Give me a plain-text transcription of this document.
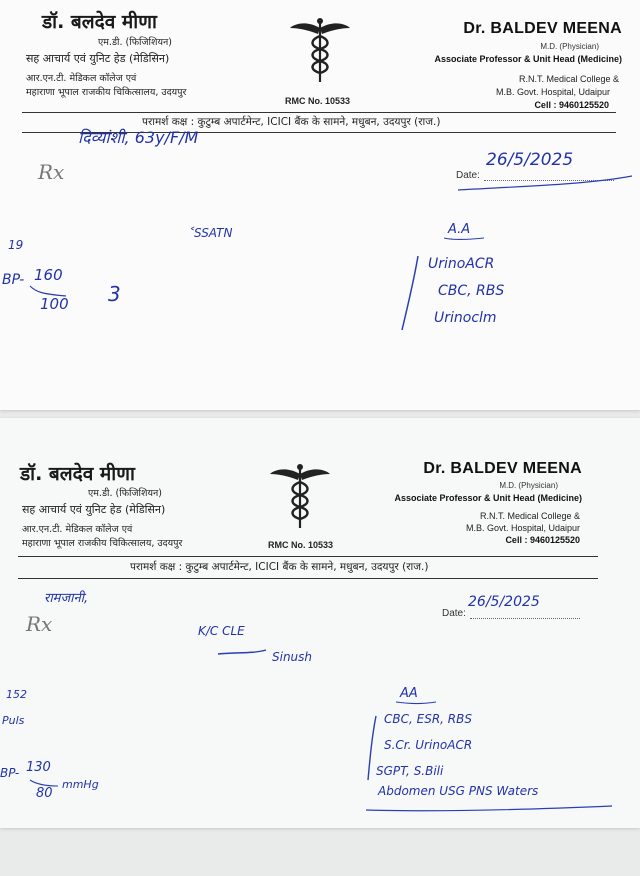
डॉ. बलदेव मीणा
एम.डी. (फिजिशियन)
सह आचार्य एवं युनिट हेड (मेडिसिन)
आर.एन.टी. मेडिकल कॉलेज एवं
महाराणा भूपाल राजकीय चिकित्सालय, उदयपुर
Dr. BALDEV MEENA
M.D. (Physician)
Associate Professor & Unit Head (Medicine)
R.N.T. Medical College &
M.B. Govt. Hospital, Udaipur
Cell : 9460125520
RMC No. 10533
परामर्श कक्ष : कुटुम्ब अपार्टमेन्ट, ICICI बैंक के सामने, मधुबन, उदयपुर (राज.)
Rx	Date:
दिव्यांशी, 63y/F/M
26/5/2025
˂SSATN
19
BP- 160
100 3
A.A
UrinoACR
CBC, RBS
Urinoclm
डॉ. बलदेव मीणा
एम.डी. (फिजिशियन)
सह आचार्य एवं युनिट हेड (मेडिसिन)
आर.एन.टी. मेडिकल कॉलेज एवं
महाराणा भूपाल राजकीय चिकित्सालय, उदयपुर
Dr. BALDEV MEENA
M.D. (Physician)
Associate Professor & Unit Head (Medicine)
R.N.T. Medical College &
M.B. Govt. Hospital, Udaipur
Cell : 9460125520
RMC No. 10533
परामर्श कक्ष : कुटुम्ब अपार्टमेन्ट, ICICI बैंक के सामने, मधुबन, उदयपुर (राज.)
Rx	Date:
रामजानी,	26/5/2025
K/C CLE
Sinush
152
Puls
BP- 130
80
mmHg
AA
CBC, ESR, RBS
S.Cr. UrinoACR
SGPT, S.Bili
Abdomen USG PNS Waters
